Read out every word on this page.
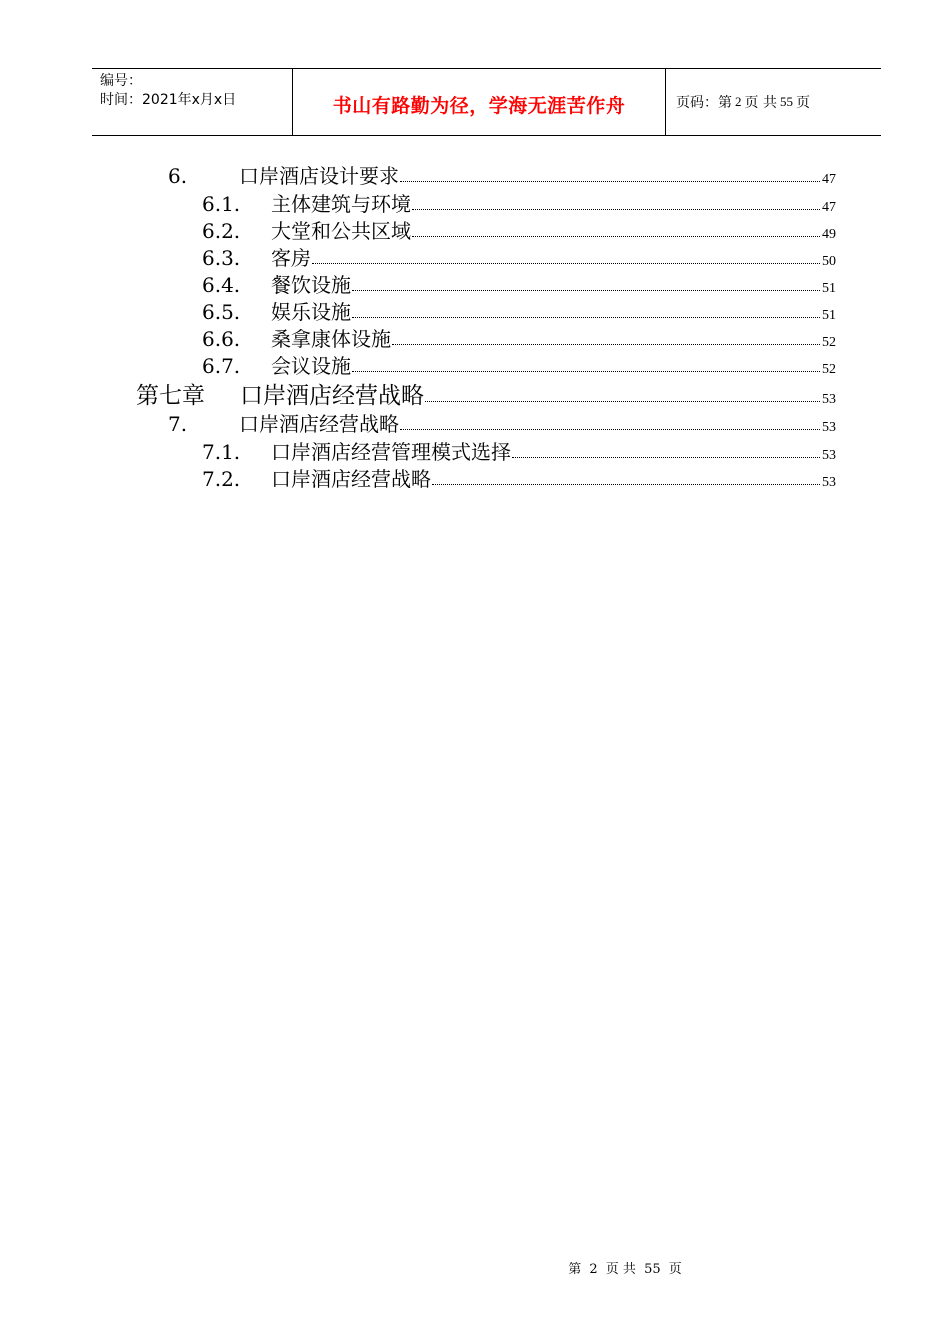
编号：
时间：2021年x月x日	书山有路勤为径，学海无涯苦作舟	页码：第 2 页 共 55 页
6.	口岸酒店设计要求	47
6.1.	主体建筑与环境	47
6.2.	大堂和公共区域	49
6.3.	客房	50
6.4.	餐饮设施	51
6.5.	娱乐设施	51
6.6.	桑拿康体设施	52
6.7.	会议设施	52
第七章	口岸酒店经营战略	53
7.	口岸酒店经营战略	53
7.1.	口岸酒店经营管理模式选择	53
7.2.	口岸酒店经营战略	53
第 2 页 共 55 页
